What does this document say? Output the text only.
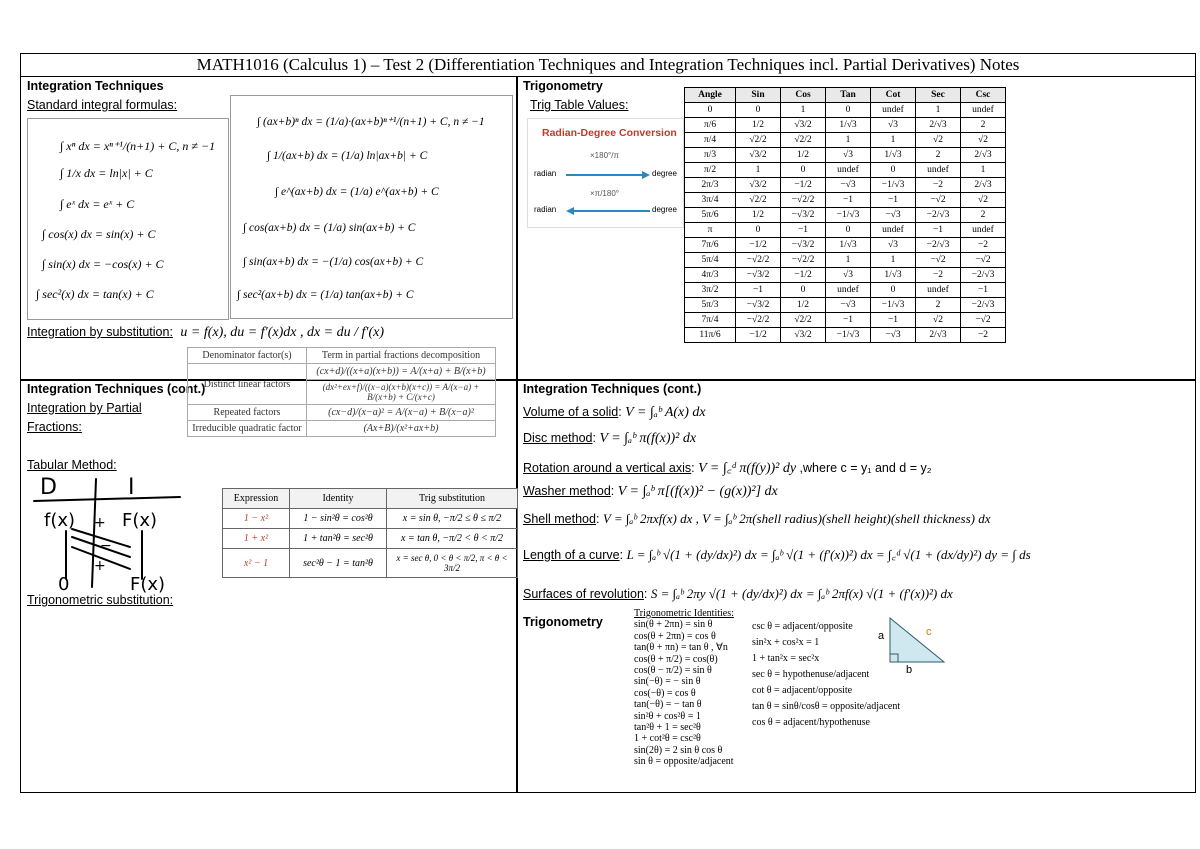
MATH1016 (Calculus 1) – Test 2 (Differentiation Techniques and Integration Techniques incl. Partial Derivatives) Notes
Integration Techniques
Standard integral formulas:
∫ xⁿ dx = xⁿ⁺¹/(n+1) + C, n ≠ −1
∫ 1/x dx = ln|x| + C
∫ eˣ dx = eˣ + C
∫ cos(x) dx = sin(x) + C
∫ sin(x) dx = −cos(x) + C
∫ sec²(x) dx = tan(x) + C
∫ (ax+b)ⁿ dx = (1/a)·(ax+b)ⁿ⁺¹/(n+1) + C, n ≠ −1
∫ 1/(ax+b) dx = (1/a) ln|ax+b| + C
∫ e^(ax+b) dx = (1/a) e^(ax+b) + C
∫ cos(ax+b) dx = (1/a) sin(ax+b) + C
∫ sin(ax+b) dx = −(1/a) cos(ax+b) + C
∫ sec²(ax+b) dx = (1/a) tan(ax+b) + C
Integration by substitution: u = f(x), du = f′(x)dx , dx = du / f′(x)
Trigonometry
Trig Table Values:
Radian-Degree Conversion
×180°/π
radian	degree
×π/180°
radian	degree
Angle	Sin	Cos	Tan	Cot	Sec	Csc
0	0	1	0	undef	1	undef
π/6	1/2	√3/2	1/√3	√3	2/√3	2
π/4	√2/2	√2/2	1	1	√2	√2
π/3	√3/2	1/2	√3	1/√3	2	2/√3
π/2	1	0	undef	0	undef	1
2π/3	√3/2	−1/2	−√3	−1/√3	−2	2/√3
3π/4	√2/2	−√2/2	−1	−1	−√2	√2
5π/6	1/2	−√3/2	−1/√3	−√3	−2/√3	2
π	0	−1	0	undef	−1	undef
7π/6	−1/2	−√3/2	1/√3	√3	−2/√3	−2
5π/4	−√2/2	−√2/2	1	1	−√2	−√2
4π/3	−√3/2	−1/2	√3	1/√3	−2	−2/√3
3π/2	−1	0	undef	0	undef	−1
5π/3	−√3/2	1/2	−√3	−1/√3	2	−2/√3
7π/4	−√2/2	√2/2	−1	−1	√2	−√2
11π/6	−1/2	√3/2	−1/√3	−√3	2/√3	−2
Integration Techniques (cont.)
Integration by Partial
Fractions:
Tabular Method:
Denominator factor(s)	Term in partial fractions decomposition
Distinct linear factors	(cx+d)/((x+a)(x+b)) = A/(x+a) + B/(x+b)
	(dx²+ex+f)/((x−a)(x+b)(x+c)) = A/(x−a) + B/(x+b) + C/(x+c)
Repeated factors	(cx−d)/(x−a)² = A/(x−a) + B/(x−a)²
Irreducible quadratic factor	(Ax+B)/(x²+ax+b)
D	I
f(x)	F(x)
+
−
+
0	F(x)
Trigonometric substitution:
Expression	Identity	Trig substitution
1 − x²	1 − sin²θ = cos²θ	x = sin θ, −π/2 ≤ θ ≤ π/2
1 + x²	1 + tan²θ = sec²θ	x = tan θ, −π/2 < θ < π/2
x² − 1	sec²θ − 1 = tan²θ	x = sec θ, 0 < θ < π/2, π < θ < 3π/2
Integration Techniques (cont.)
Volume of a solid: V = ∫ₐᵇ A(x) dx
Disc method: V = ∫ₐᵇ π(f(x))² dx
Rotation around a vertical axis: V = ∫꜀ᵈ π(f(y))² dy ,where c = y₁ and d = y₂
Washer method: V = ∫ₐᵇ π[(f(x))² − (g(x))²] dx
Shell method: V = ∫ₐᵇ 2πxf(x) dx , V = ∫ₐᵇ 2π(shell radius)(shell height)(shell thickness) dx
Length of a curve: L = ∫ₐᵇ √(1 + (dy/dx)²) dx = ∫ₐᵇ √(1 + (f′(x))²) dx = ∫꜀ᵈ √(1 + (dx/dy)²) dy = ∫ ds
Surfaces of revolution: S = ∫ₐᵇ 2πy √(1 + (dy/dx)²) dx = ∫ₐᵇ 2πf(x) √(1 + (f′(x))²) dx
Trigonometry
Trigonometric Identities:
sin(θ + 2πn) = sin θ
cos(θ + 2πn) = cos θ
tan(θ + πn) = tan θ , ∀n
cos(θ + π/2) = cos(θ)
cos(θ − π/2) = sin θ
sin(−θ) = − sin θ
cos(−θ) = cos θ
tan(−θ) = − tan θ
sin²θ + cos²θ = 1
tan²θ + 1 = sec²θ
1 + cot²θ = csc²θ
sin(2θ) = 2 sin θ cos θ
sin θ = opposite/adjacent
csc θ = adjacent/opposite
sin²x + cos²x = 1
1 + tan²x = sec²x
sec θ = hypothenuse/adjacent
cot θ = adjacent/opposite
tan θ = sinθ/cosθ = opposite/adjacent
cos θ = adjacent/hypothenuse
a	c
b
